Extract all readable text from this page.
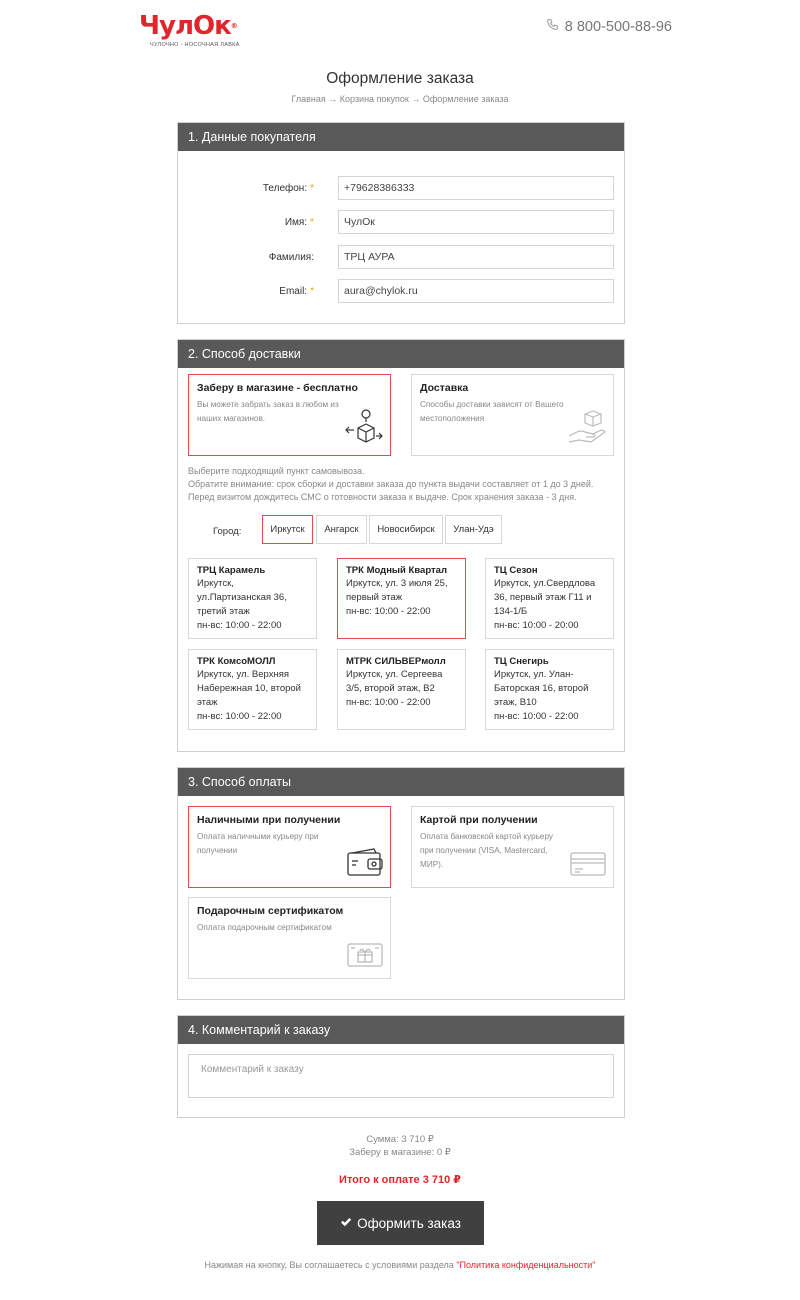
ЧулОк®
ЧУЛОЧНО - НОСОЧНАЯ ЛАВКА
8 800-500-88-96
Оформление заказа
Главная → Корзина покупок → Оформление заказа
1. Данные покупателя
Телефон: *	+79628386333
Имя: *	ЧулОк
Фамилия:	ТРЦ АУРА
Email: *	aura@chylok.ru
2. Способ доставки
Заберу в магазине - бесплатно
Вы можете забрать заказ в любом из наших магазинов.
Доставка
Способы доставки зависят от Вашего местоположения
Выберите подходящий пункт самовывоза.
Обратите внимание: срок сборки и доставки заказа до пункта выдачи составляет от 1 до 3 дней.
Перед визитом дождитесь СМС о готовности заказа к выдаче. Срок хранения заказа - 3 дня.
Город:	Иркутск	Ангарск	Новосибирск	Улан-Удэ
ТРЦ Карамель
Иркутск, ул.Партизанская 36, третий этаж
пн-вс: 10:00 - 22:00
ТРК Модный Квартал
Иркутск, ул. 3 июля 25, первый этаж
пн-вс: 10:00 - 22:00
ТЦ Сезон
Иркутск, ул.Свердлова 36, первый этаж Г11 и 134-1/Б
пн-вс: 10:00 - 20:00
ТРК КомсоМОЛЛ
Иркутск, ул. Верхняя Набережная 10, второй этаж
пн-вс: 10:00 - 22:00
МТРК СИЛЬВЕРмолл
Иркутск, ул. Сергеева 3/5, второй этаж, В2
пн-вс: 10:00 - 22:00
ТЦ Снегирь
Иркутск, ул. Улан-Баторская 16, второй этаж, В10
пн-вс: 10:00 - 22:00
3. Способ оплаты
Наличными при получении
Оплата наличными курьеру при получении
Картой при получении
Оплата банковской картой курьеру при получении (VISA, Mastercard, МИР).
Подарочным сертификатом
Оплата подарочным сертификатом
4. Комментарий к заказу
Комментарий к заказу
Сумма: 3 710 ₽
Заберу в магазине: 0 ₽
Итого к оплате 3 710 ₽
Оформить заказ
Нажимая на кнопку, Вы соглашаетесь с условиями раздела "Политика конфиденциальности"
